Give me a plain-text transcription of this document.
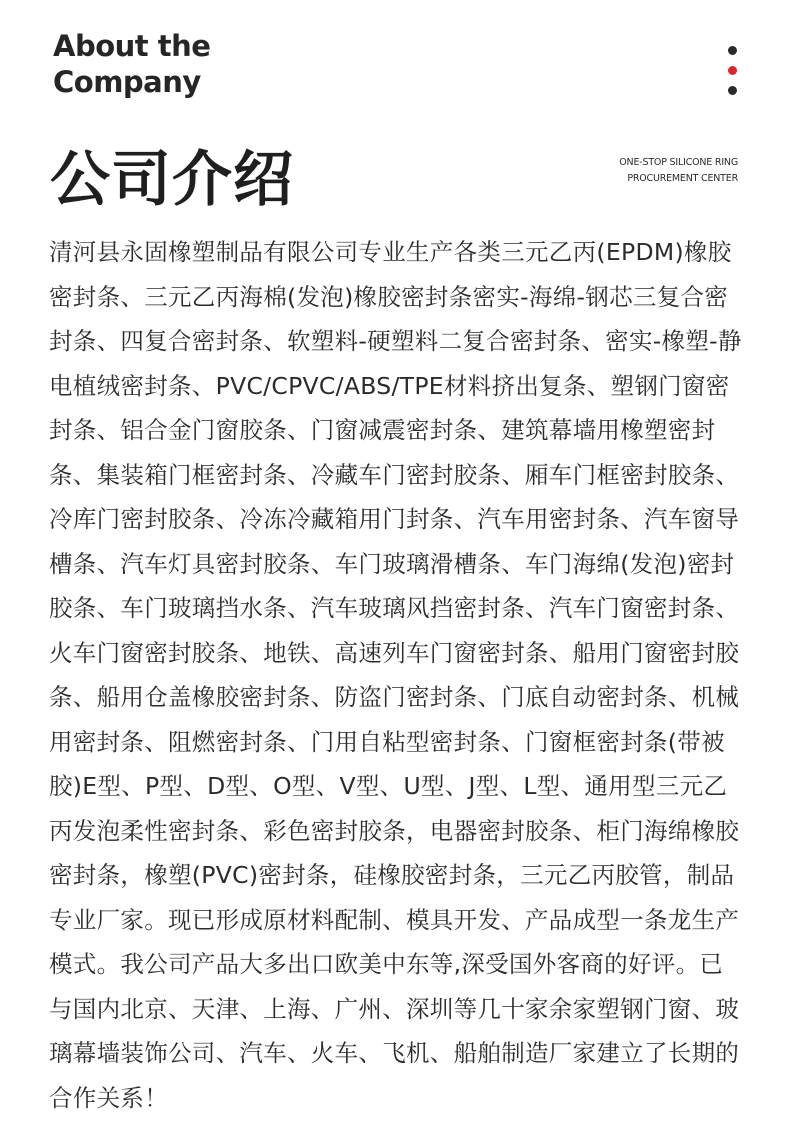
About the
Company
公司介绍	ONE-STOP SILICONE RING
PROCUREMENT CENTER
清河县永固橡塑制品有限公司专业生产各类三元乙丙(EPDM)橡胶密封条、三元乙丙海棉(发泡)橡胶密封条密实-海绵-钢芯三复合密封条、四复合密封条、软塑料-硬塑料二复合密封条、密实-橡塑-静电植绒密封条、PVC/CPVC/ABS/TPE材料挤出复条、塑钢门窗密封条、铝合金门窗胶条、门窗减震密封条、建筑幕墙用橡塑密封条、集装箱门框密封条、冷藏车门密封胶条、厢车门框密封胶条、冷库门密封胶条、冷冻冷藏箱用门封条、汽车用密封条、汽车窗导槽条、汽车灯具密封胶条、车门玻璃滑槽条、车门海绵(发泡)密封胶条、车门玻璃挡水条、汽车玻璃风挡密封条、汽车门窗密封条、火车门窗密封胶条、地铁、高速列车门窗密封条、船用门窗密封胶条、船用仓盖橡胶密封条、防盗门密封条、门底自动密封条、机械用密封条、阻燃密封条、门用自粘型密封条、门窗框密封条(带被胶)E型、P型、D型、O型、V型、U型、J型、L型、通用型三元乙丙发泡柔性密封条、彩色密封胶条，电器密封胶条、柜门海绵橡胶密封条，橡塑(PVC)密封条，硅橡胶密封条，三元乙丙胶管，制品专业厂家。现已形成原材料配制、模具开发、产品成型一条龙生产模式。我公司产品大多出口欧美中东等,深受国外客商的好评。已与国内北京、天津、上海、广州、深圳等几十家余家塑钢门窗、玻璃幕墙装饰公司、汽车、火车、飞机、船舶制造厂家建立了长期的合作关系！
